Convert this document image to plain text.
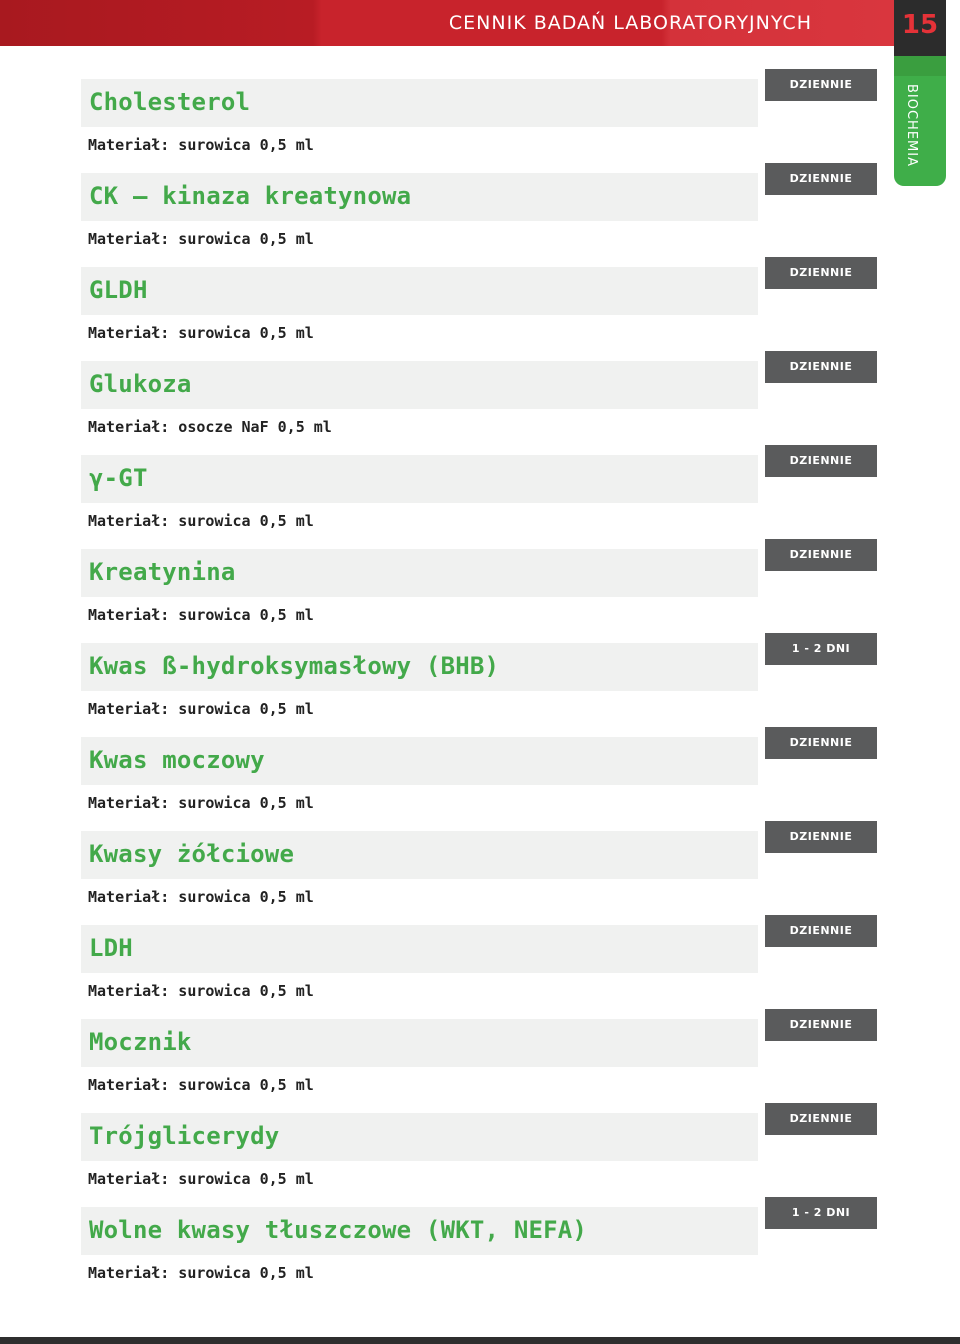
CENNIK BADAŃ LABORATORYJNYCH	15
BIOCHEMIA
Cholesterol
Materiał: surowica 0,5 ml
DZIENNIE
CK – kinaza kreatynowa
Materiał: surowica 0,5 ml
DZIENNIE
GLDH
Materiał: surowica 0,5 ml
DZIENNIE
Glukoza
Materiał: osocze NaF 0,5 ml
DZIENNIE
γ-GT
Materiał: surowica 0,5 ml
DZIENNIE
Kreatynina
Materiał: surowica 0,5 ml
DZIENNIE
Kwas ß-hydroksymasłowy (BHB)
Materiał: surowica 0,5 ml
1 - 2 DNI
Kwas moczowy
Materiał: surowica 0,5 ml
DZIENNIE
Kwasy żółciowe
Materiał: surowica 0,5 ml
DZIENNIE
LDH
Materiał: surowica 0,5 ml
DZIENNIE
Mocznik
Materiał: surowica 0,5 ml
DZIENNIE
Trójglicerydy
Materiał: surowica 0,5 ml
DZIENNIE
Wolne kwasy tłuszczowe (WKT, NEFA)
Materiał: surowica 0,5 ml
1 - 2 DNI
